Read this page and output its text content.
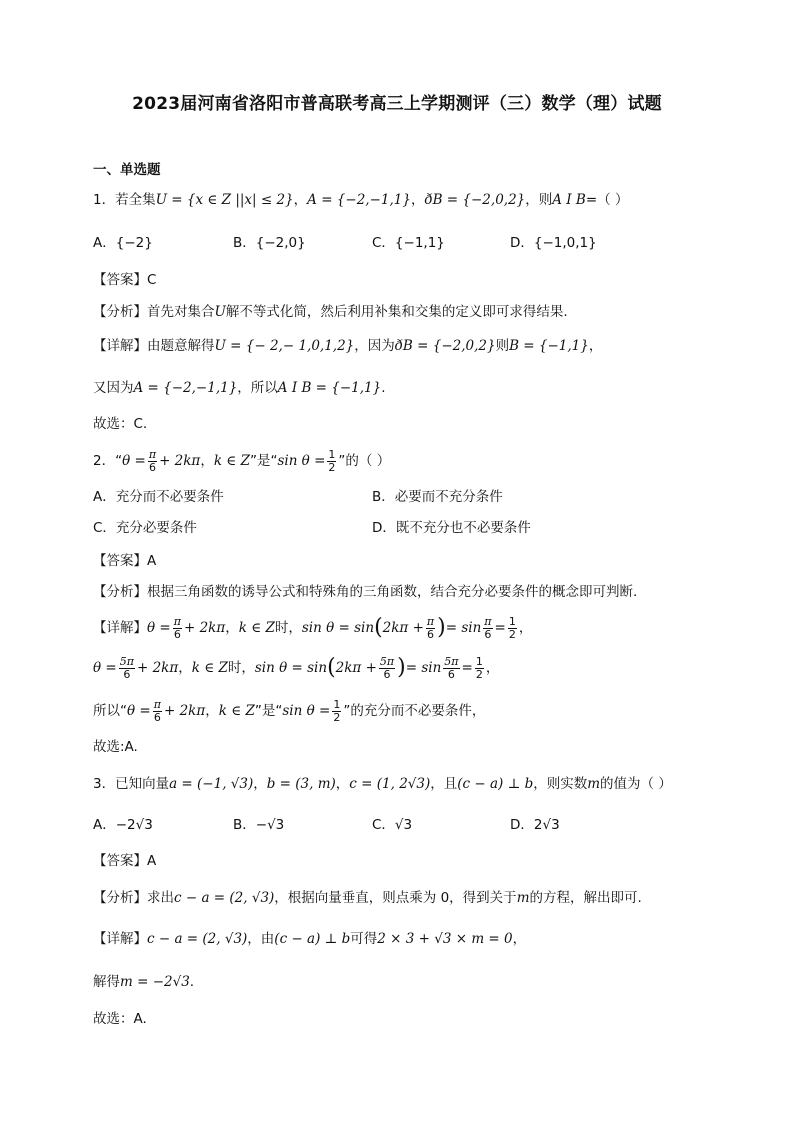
2023届河南省洛阳市普高联考高三上学期测评（三）数学（理）试题
一、单选题
1．若全集U = {x ∈ Z ||x| ≤ 2}，A = {−2,−1,1}，ðB = {−2,0,2}，则A I B=（ ）
A．{−2}	B．{−2,0}	C．{−1,1}	D．{−1,0,1}
【答案】C
【分析】首先对集合U解不等式化简，然后利用补集和交集的定义即可求得结果.
【详解】由题意解得U = {− 2,− 1,0,1,2}，因为ðB = {−2,0,2}则B = {−1,1}，
又因为A = {−2,−1,1}，所以A I B = {−1,1}.
故选：C.
2．“$\theta = \frac{\pi}{6} + 2k\pi$，k ∈ Z”是“sin $\theta = \frac{1}{2}$ ”的（ ）
A．充分而不必要条件	B．必要而不充分条件
C．充分必要条件	D．既不充分也不必要条件
【答案】A
【分析】根据三角函数的诱导公式和特殊角的三角函数，结合充分必要条件的概念即可判断.
【详解】$\theta = \frac{\pi}{6} + 2k\pi$，k ∈ Z时，$\sin \theta = \sin(2k\pi + \frac{\pi}{6}$ )= $\sin \frac{\pi}{6} = \frac{1}{2}$ ，
$\theta = \frac{5\pi}{6} + 2k\pi$，k ∈ Z时，$\sin \theta = \sin(2k\pi + \frac{5\pi}{6}$ )= $\sin \frac{5\pi}{6} = \frac{1}{2}$ ，
所以“$\theta = \frac{\pi}{6} + 2k\pi$，k ∈ Z”是“sin $\theta = \frac{1}{2}$ ”的充分而不必要条件，
故选:A.
3．已知向量a = (−1, √3)，b = (3, m)，c = (1, 2√3)，且(c − a) ⊥ b，则实数m的值为（ ）
A．−2√3	B．−√3	C．√3	D．2√3
【答案】A
【分析】求出c − a = (2, √3)，根据向量垂直，则点乘为 0，得到关于m的方程，解出即可.
【详解】c − a = (2, √3)，由(c − a) ⊥ b可得2 × 3 + √3 × m = 0，
解得m = −2√3.
故选：A.
